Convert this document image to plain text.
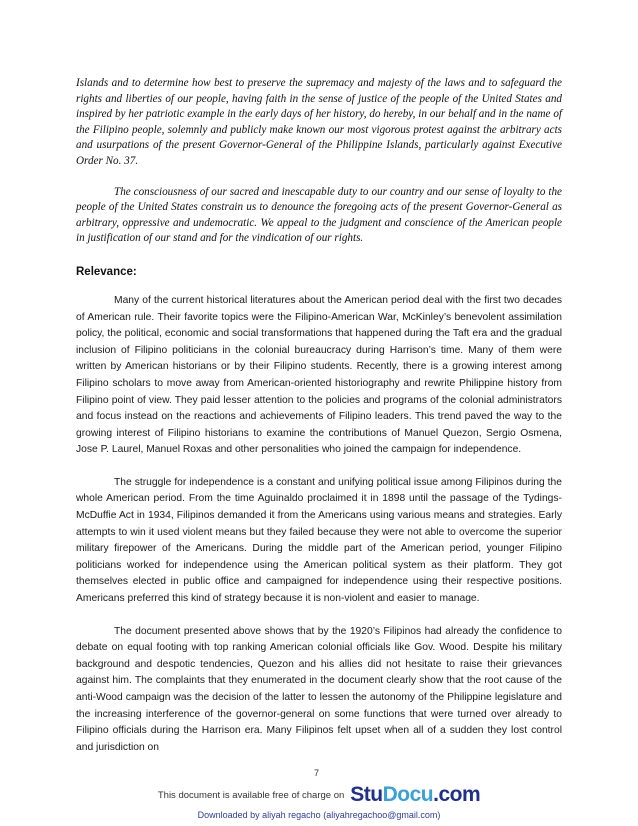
Islands and to determine how best to preserve the supremacy and majesty of the laws and to safeguard the rights and liberties of our people, having faith in the sense of justice of the people of the United States and inspired by her patriotic example in the early days of her history, do hereby, in our behalf and in the name of the Filipino people, solemnly and publicly make known our most vigorous protest against the arbitrary acts and usurpations of the present Governor-General of the Philippine Islands, particularly against Executive Order No. 37.

The consciousness of our sacred and inescapable duty to our country and our sense of loyalty to the people of the United States constrain us to denounce the foregoing acts of the present Governor-General as arbitrary, oppressive and undemocratic. We appeal to the judgment and conscience of the American people in justification of our stand and for the vindication of our rights.

Relevance:

Many of the current historical literatures about the American period deal with the first two decades of American rule. Their favorite topics were the Filipino-American War, McKinley’s benevolent assimilation policy, the political, economic and social transformations that happened during the Taft era and the gradual inclusion of Filipino politicians in the colonial bureaucracy during Harrison’s time. Many of them were written by American historians or by their Filipino students. Recently, there is a growing interest among Filipino scholars to move away from American-oriented historiography and rewrite Philippine history from Filipino point of view. They paid lesser attention to the policies and programs of the colonial administrators and focus instead on the reactions and achievements of Filipino leaders. This trend paved the way to the growing interest of Filipino historians to examine the contributions of Manuel Quezon, Sergio Osmena, Jose P. Laurel, Manuel Roxas and other personalities who joined the campaign for independence.

The struggle for independence is a constant and unifying political issue among Filipinos during the whole American period. From the time Aguinaldo proclaimed it in 1898 until the passage of the Tydings-McDuffie Act in 1934, Filipinos demanded it from the Americans using various means and strategies. Early attempts to win it used violent means but they failed because they were not able to overcome the superior military firepower of the Americans. During the middle part of the American period, younger Filipino politicians worked for independence using the American political system as their platform. They got themselves elected in public office and campaigned for independence using their respective positions. Americans preferred this kind of strategy because it is non-violent and easier to manage.

The document presented above shows that by the 1920’s Filipinos had already the confidence to debate on equal footing with top ranking American colonial officials like Gov. Wood. Despite his military background and despotic tendencies, Quezon and his allies did not hesitate to raise their grievances against him. The complaints that they enumerated in the document clearly show that the root cause of the anti-Wood campaign was the decision of the latter to lessen the autonomy of the Philippine legislature and the increasing interference of the governor-general on some functions that were turned over already to Filipino officials during the Harrison era. Many Filipinos felt upset when all of a sudden they lost control and jurisdiction on

7
This document is available free of charge on StuDocu.com
Downloaded by aliyah regacho (aliyahregachoo@gmail.com)
